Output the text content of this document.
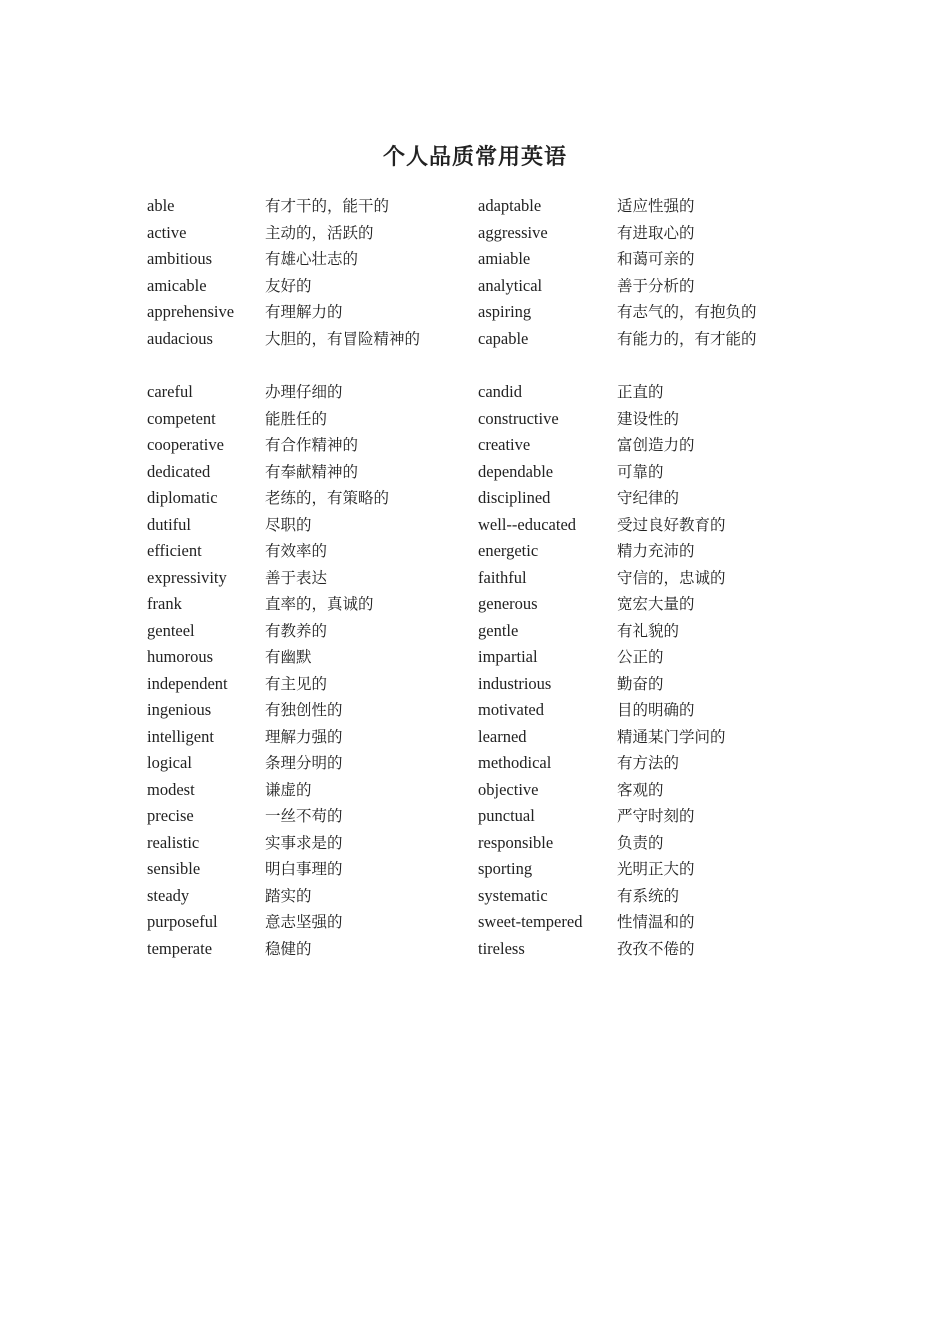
个人品质常用英语
able	有才干的，能干的	adaptable	适应性强的
active	主动的，活跃的	aggressive	有进取心的
ambitious	有雄心壮志的	amiable	和蔼可亲的
amicable	友好的	analytical	善于分析的
apprehensive 有理解力的	aspiring	有志气的，有抱负的
audacious	大胆的，有冒险精神的	capable	有能力的，有才能的
careful	办理仔细的	candid	正直的
competent	能胜任的	constructive	建设性的
cooperative	有合作精神的	creative	富创造力的
dedicated	有奉献精神的	dependable	可靠的
diplomatic	老练的，有策略的	disciplined	守纪律的
dutiful	尽职的	well--educated	受过良好教育的
efficient	有效率的	energetic	精力充沛的
expressivity 善于表达	faithful	守信的，忠诚的
frank	直率的，真诚的	generous	宽宏大量的
genteel	有教养的	gentle	有礼貌的
humorous	有幽默	impartial	公正的
independent 有主见的	industrious	勤奋的
ingenious	有独创性的	motivated	目的明确的
intelligent	理解力强的	learned	精通某门学问的
logical	条理分明的	methodical	有方法的
modest	谦虚的	objective	客观的
precise	一丝不苟的	punctual	严守时刻的
realistic	实事求是的	responsible	负责的
sensible	明白事理的	sporting	光明正大的
steady	踏实的	systematic	有系统的
purposeful	意志坚强的	sweet-tempered 性情温和的
temperate	稳健的	tireless	孜孜不倦的
